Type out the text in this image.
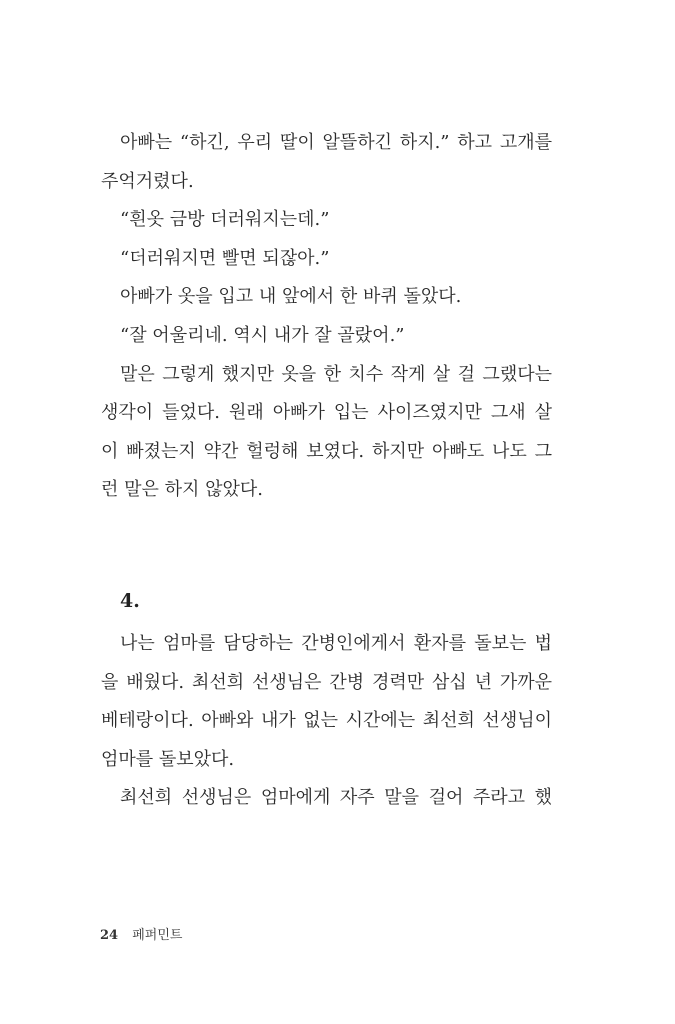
아빠는 “하긴, 우리 딸이 알뜰하긴 하지.” 하고 고개를
주억거렸다.
“흰옷 금방 더러워지는데.”
“더러워지면 빨면 되잖아.”
아빠가 옷을 입고 내 앞에서 한 바퀴 돌았다.
“잘 어울리네. 역시 내가 잘 골랐어.”
말은 그렇게 했지만 옷을 한 치수 작게 살 걸 그랬다는
생각이 들었다. 원래 아빠가 입는 사이즈였지만 그새 살
이 빠졌는지 약간 헐렁해 보였다. 하지만 아빠도 나도 그
런 말은 하지 않았다.
4.
나는 엄마를 담당하는 간병인에게서 환자를 돌보는 법
을 배웠다. 최선희 선생님은 간병 경력만 삼십 년 가까운
베테랑이다. 아빠와 내가 없는 시간에는 최선희 선생님이
엄마를 돌보았다.
최선희 선생님은 엄마에게 자주 말을 걸어 주라고 했
24 페퍼민트
